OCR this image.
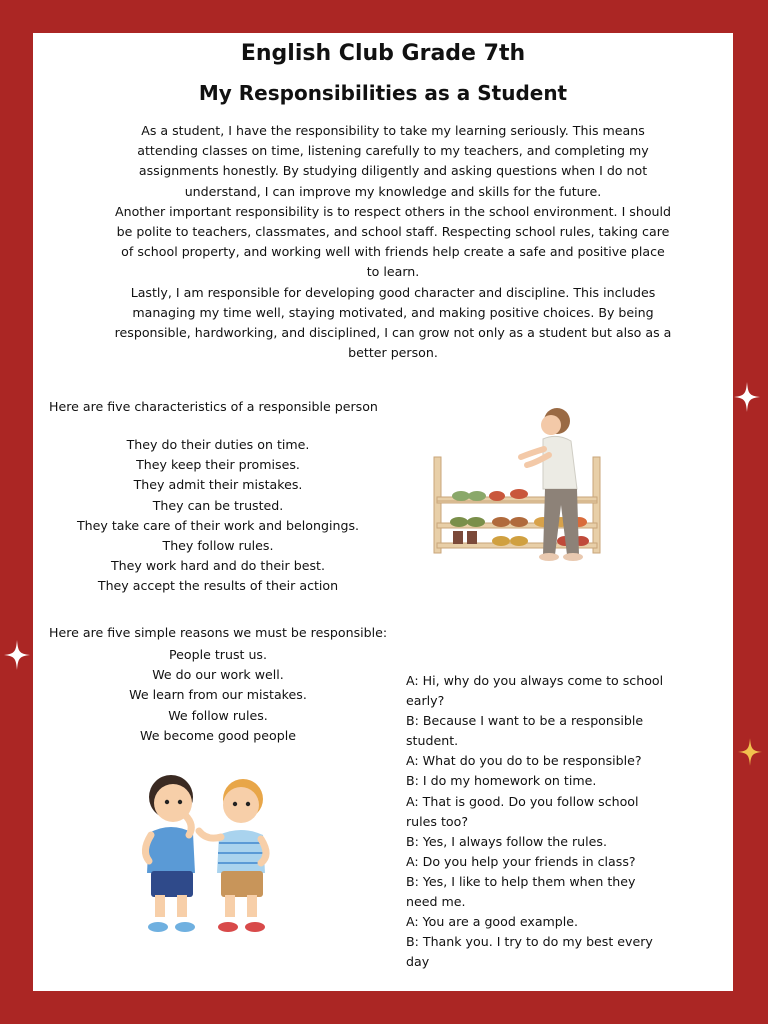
English Club Grade 7th
My Responsibilities as a Student

As a student, I have the responsibility to take my learning seriously. This means attending classes on time, listening carefully to my teachers, and completing my assignments honestly. By studying diligently and asking questions when I do not understand, I can improve my knowledge and skills for the future.

Another important responsibility is to respect others in the school environment. I should be polite to teachers, classmates, and school staff. Respecting school rules, taking care of school property, and working well with friends help create a safe and positive place to learn.

Lastly, I am responsible for developing good character and discipline. This includes managing my time well, staying motivated, and making positive choices. By being responsible, hardworking, and disciplined, I can grow not only as a student but also as a better person.

Here are five characteristics of a responsible person

They do their duties on time.
They keep their promises.
They admit their mistakes.
They can be trusted.
They take care of their work and belongings.
They follow rules.
They work hard and do their best.
They accept the results of their action

Here are five simple reasons we must be responsible:

People trust us.
We do our work well.
We learn from our mistakes.
We follow rules.
We become good people
A: Hi, why do you always come to school early?
B: Because I want to be a responsible student.
A: What do you do to be responsible?
B: I do my homework on time.
A: That is good. Do you follow school rules too?
B: Yes, I always follow the rules.
A: Do you help your friends in class?
B: Yes, I like to help them when they need me.
A: You are a good example.
B: Thank you. I try to do my best every day
